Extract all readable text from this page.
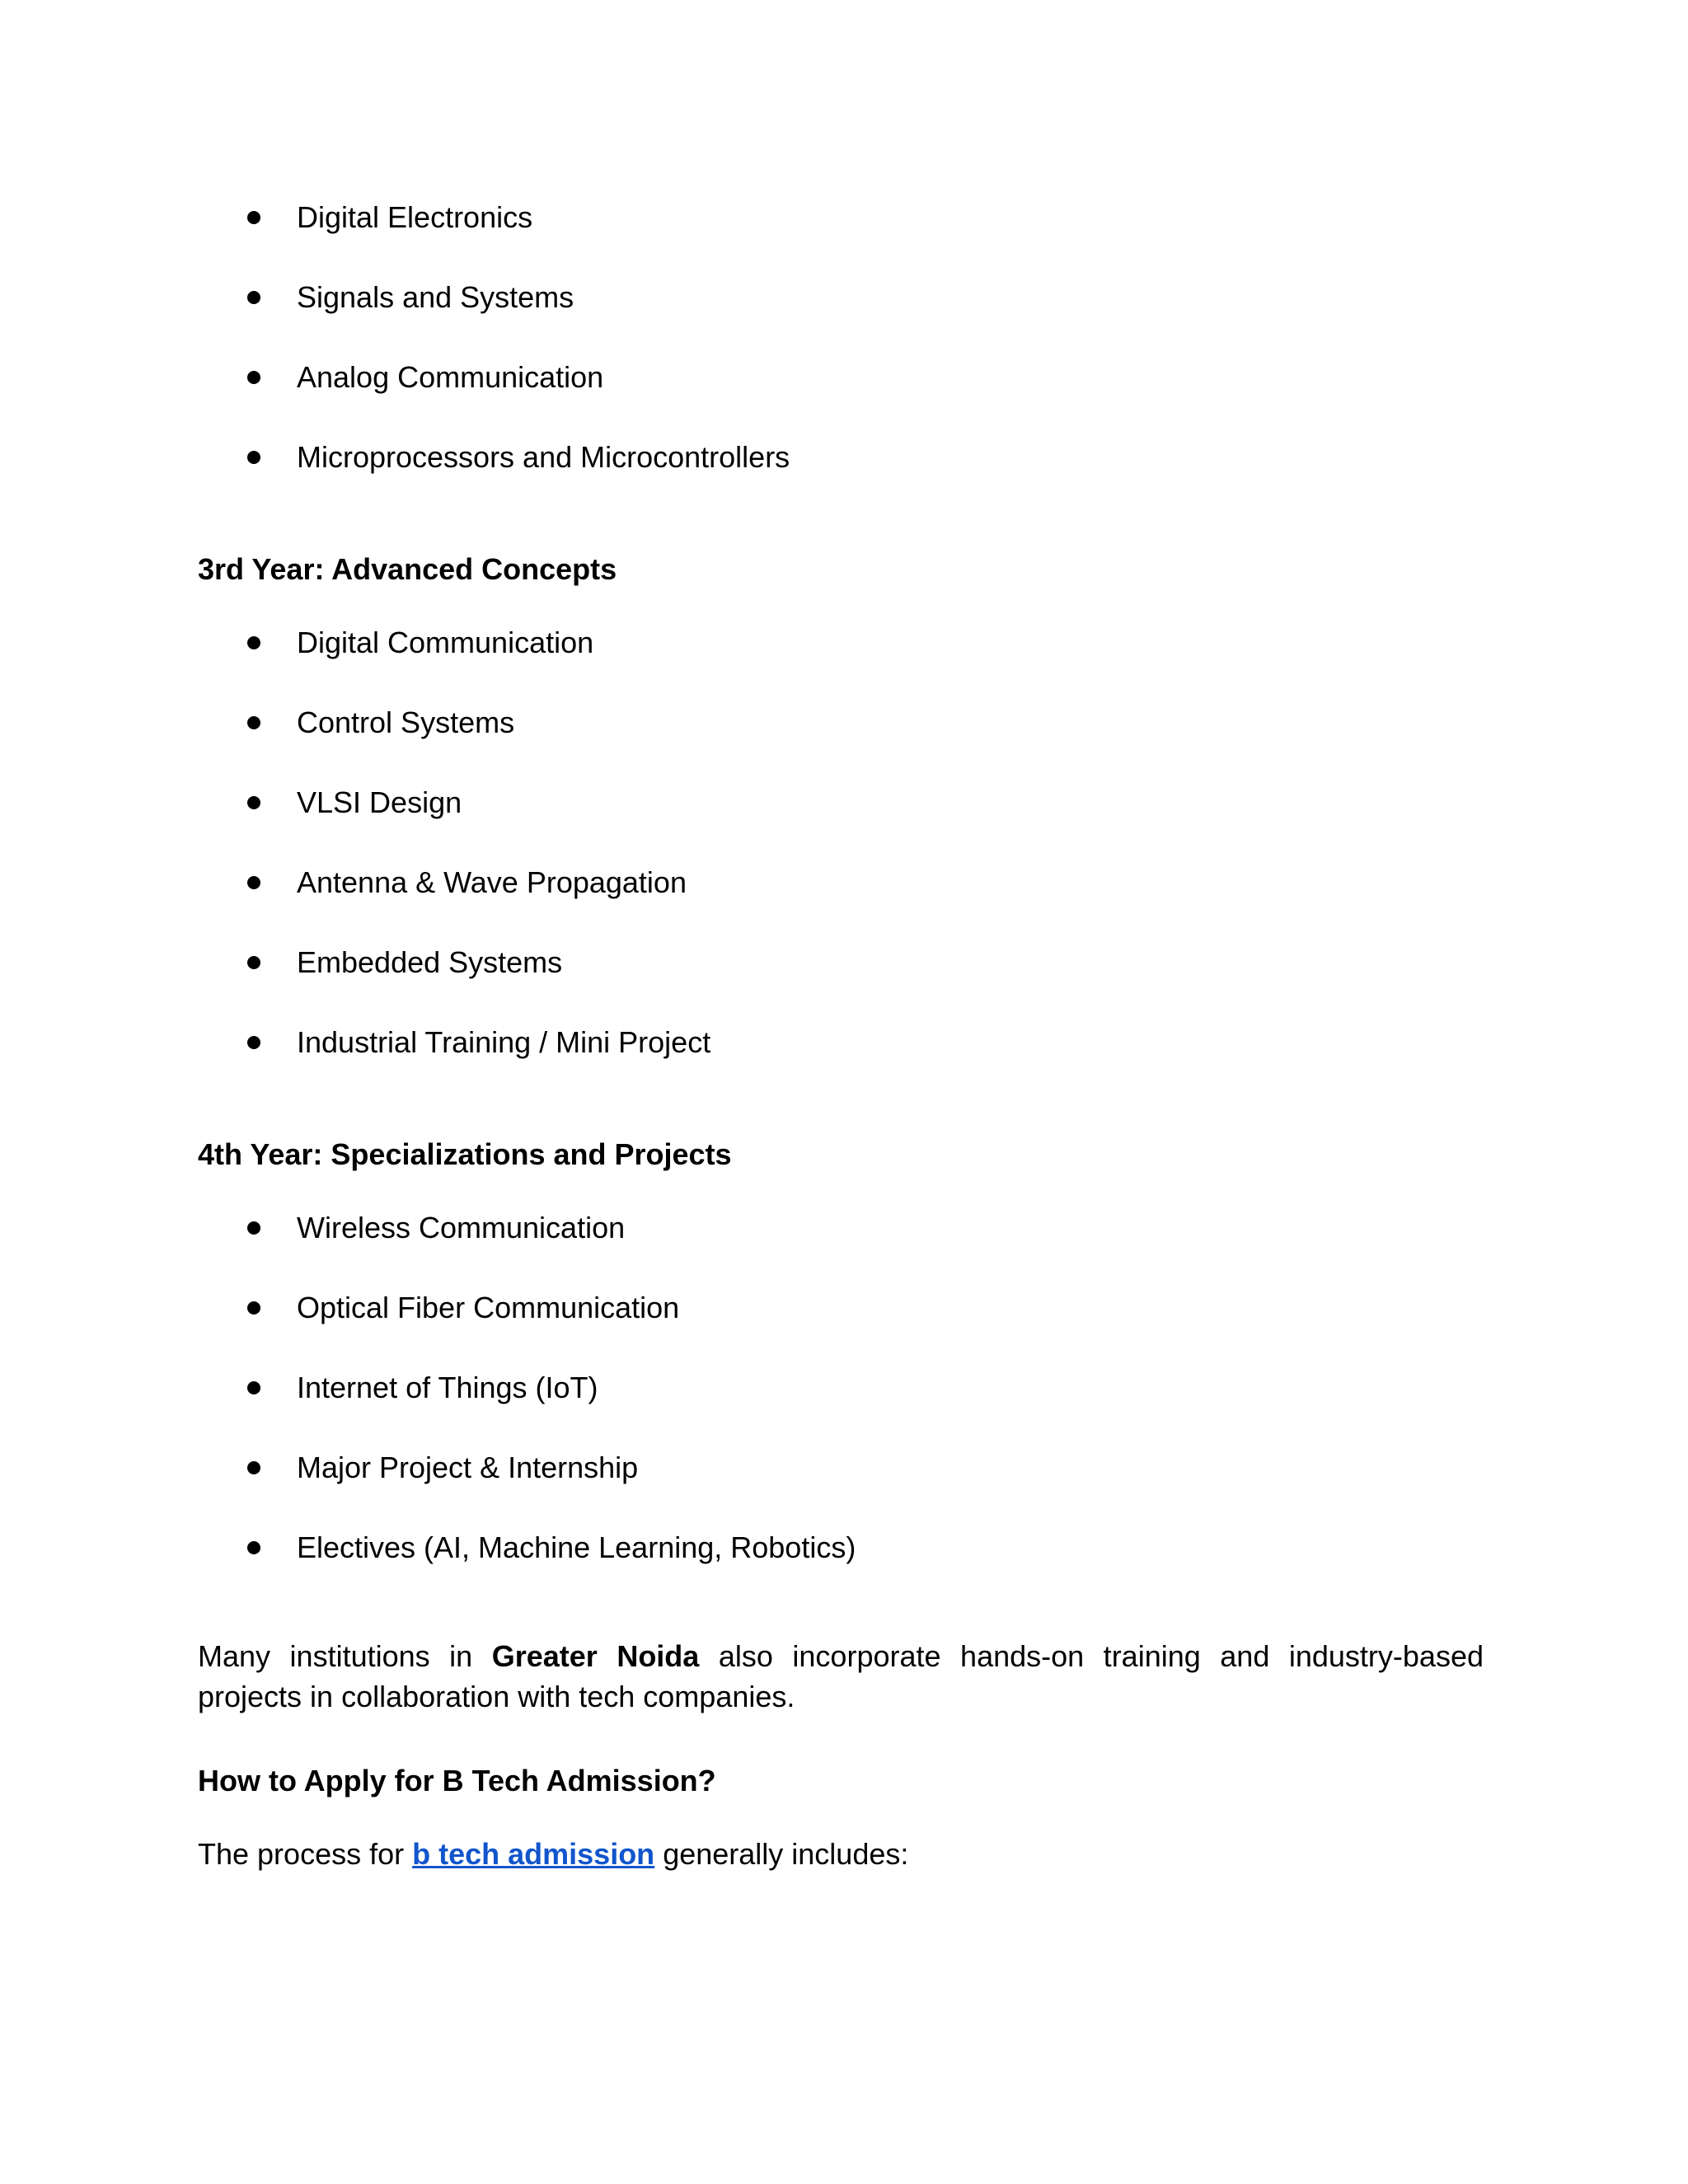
Digital Electronics
Signals and Systems
Analog Communication
Microprocessors and Microcontrollers
3rd Year: Advanced Concepts
Digital Communication
Control Systems
VLSI Design
Antenna & Wave Propagation
Embedded Systems
Industrial Training / Mini Project
4th Year: Specializations and Projects
Wireless Communication
Optical Fiber Communication
Internet of Things (IoT)
Major Project & Internship
Electives (AI, Machine Learning, Robotics)
Many institutions in Greater Noida also incorporate hands-on training and industry-based projects in collaboration with tech companies.
How to Apply for B Tech Admission?
The process for b tech admission generally includes:
